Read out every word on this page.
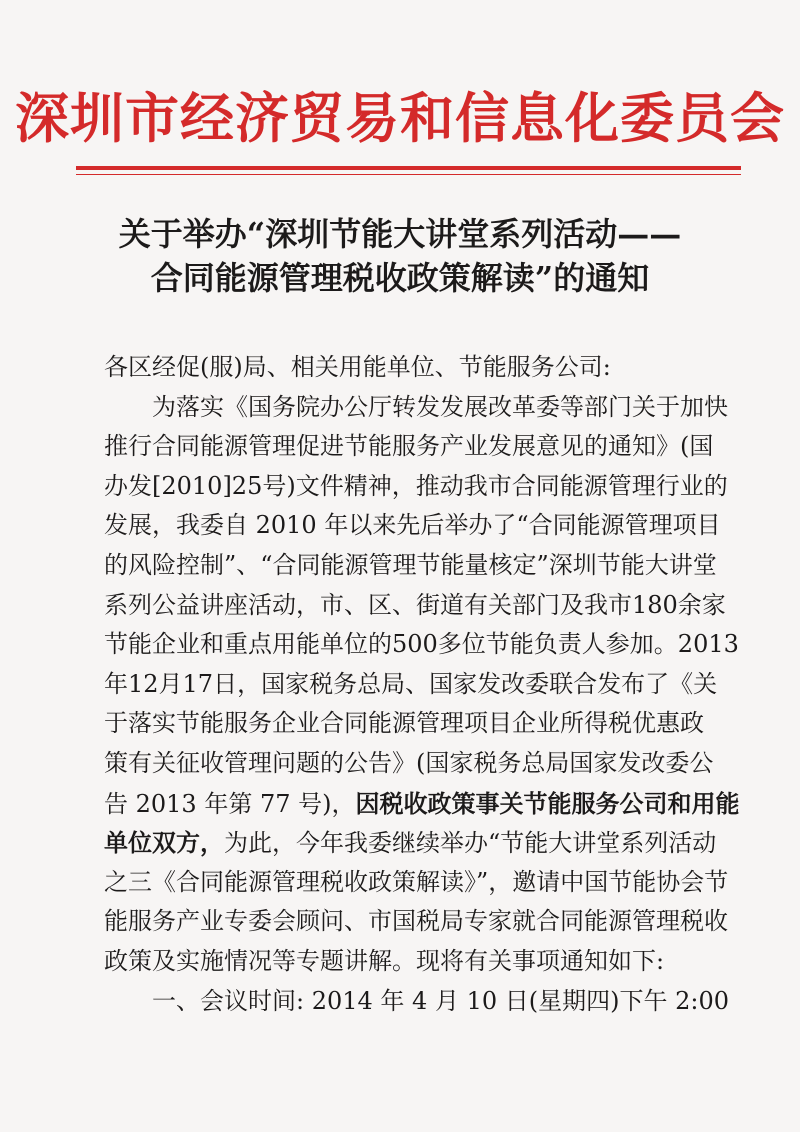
深圳市经济贸易和信息化委员会
关于举办“深圳节能大讲堂系列活动——
合同能源管理税收政策解读”的通知
各区经促(服)局、相关用能单位、节能服务公司:
为落实《国务院办公厅转发发展改革委等部门关于加快
推行合同能源管理促进节能服务产业发展意见的通知》(国
办发[2010]25号)文件精神，推动我市合同能源管理行业的
发展，我委自 2010 年以来先后举办了“合同能源管理项目
的风险控制”、“合同能源管理节能量核定”深圳节能大讲堂
系列公益讲座活动，市、区、街道有关部门及我市180余家
节能企业和重点用能单位的500多位节能负责人参加。2013
年12月17日，国家税务总局、国家发改委联合发布了《关
于落实节能服务企业合同能源管理项目企业所得税优惠政
策有关征收管理问题的公告》(国家税务总局国家发改委公
告 2013 年第 77 号)，因税收政策事关节能服务公司和用能
单位双方，为此，今年我委继续举办“节能大讲堂系列活动
之三《合同能源管理税收政策解读》”，邀请中国节能协会节
能服务产业专委会顾问、市国税局专家就合同能源管理税收
政策及实施情况等专题讲解。现将有关事项通知如下:
一、会议时间: 2014 年 4 月 10 日(星期四)下午 2:00
